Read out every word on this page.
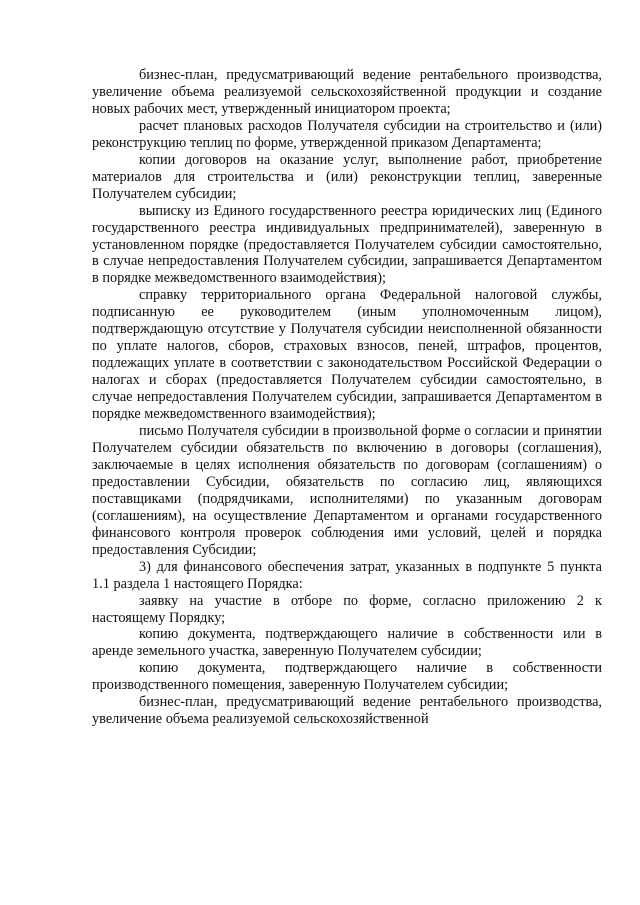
бизнес-план, предусматривающий ведение рентабельного производства, увеличение объема реализуемой сельскохозяйственной продукции и создание новых рабочих мест, утвержденный инициатором проекта;

расчет плановых расходов Получателя субсидии на строительство и (или) реконструкцию теплиц по форме, утвержденной приказом Департамента;

копии договоров на оказание услуг, выполнение работ, приобретение материалов для строительства и (или) реконструкции теплиц, заверенные Получателем субсидии;

выписку из Единого государственного реестра юридических лиц (Единого государственного реестра индивидуальных предпринимателей), заверенную в установленном порядке (предоставляется Получателем субсидии самостоятельно, в случае непредоставления Получателем субсидии, запрашивается Департаментом в порядке межведомственного взаимодействия);

справку территориального органа Федеральной налоговой службы, подписанную ее руководителем (иным уполномоченным лицом), подтверждающую отсутствие у Получателя субсидии неисполненной обязанности по уплате налогов, сборов, страховых взносов, пеней, штрафов, процентов, подлежащих уплате в соответствии с законодательством Российской Федерации о налогах и сборах (предоставляется Получателем субсидии самостоятельно, в случае непредоставления Получателем субсидии, запрашивается Департаментом в порядке межведомственного взаимодействия);

письмо Получателя субсидии в произвольной форме о согласии и принятии Получателем субсидии обязательств по включению в договоры (соглашения), заключаемые в целях исполнения обязательств по договорам (соглашениям) о предоставлении Субсидии, обязательств по согласию лиц, являющихся поставщиками (подрядчиками, исполнителями) по указанным договорам (соглашениям), на осуществление Департаментом и органами государственного финансового контроля проверок соблюдения ими условий, целей и порядка предоставления Субсидии;

3) для финансового обеспечения затрат, указанных в подпункте 5 пункта 1.1 раздела 1 настоящего Порядка:

заявку на участие в отборе по форме, согласно приложению 2 к настоящему Порядку;

копию документа, подтверждающего наличие в собственности или в аренде земельного участка, заверенную Получателем субсидии;

копию документа, подтверждающего наличие в собственности производственного помещения, заверенную Получателем субсидии;

бизнес-план, предусматривающий ведение рентабельного производства, увеличение объема реализуемой сельскохозяйственной
